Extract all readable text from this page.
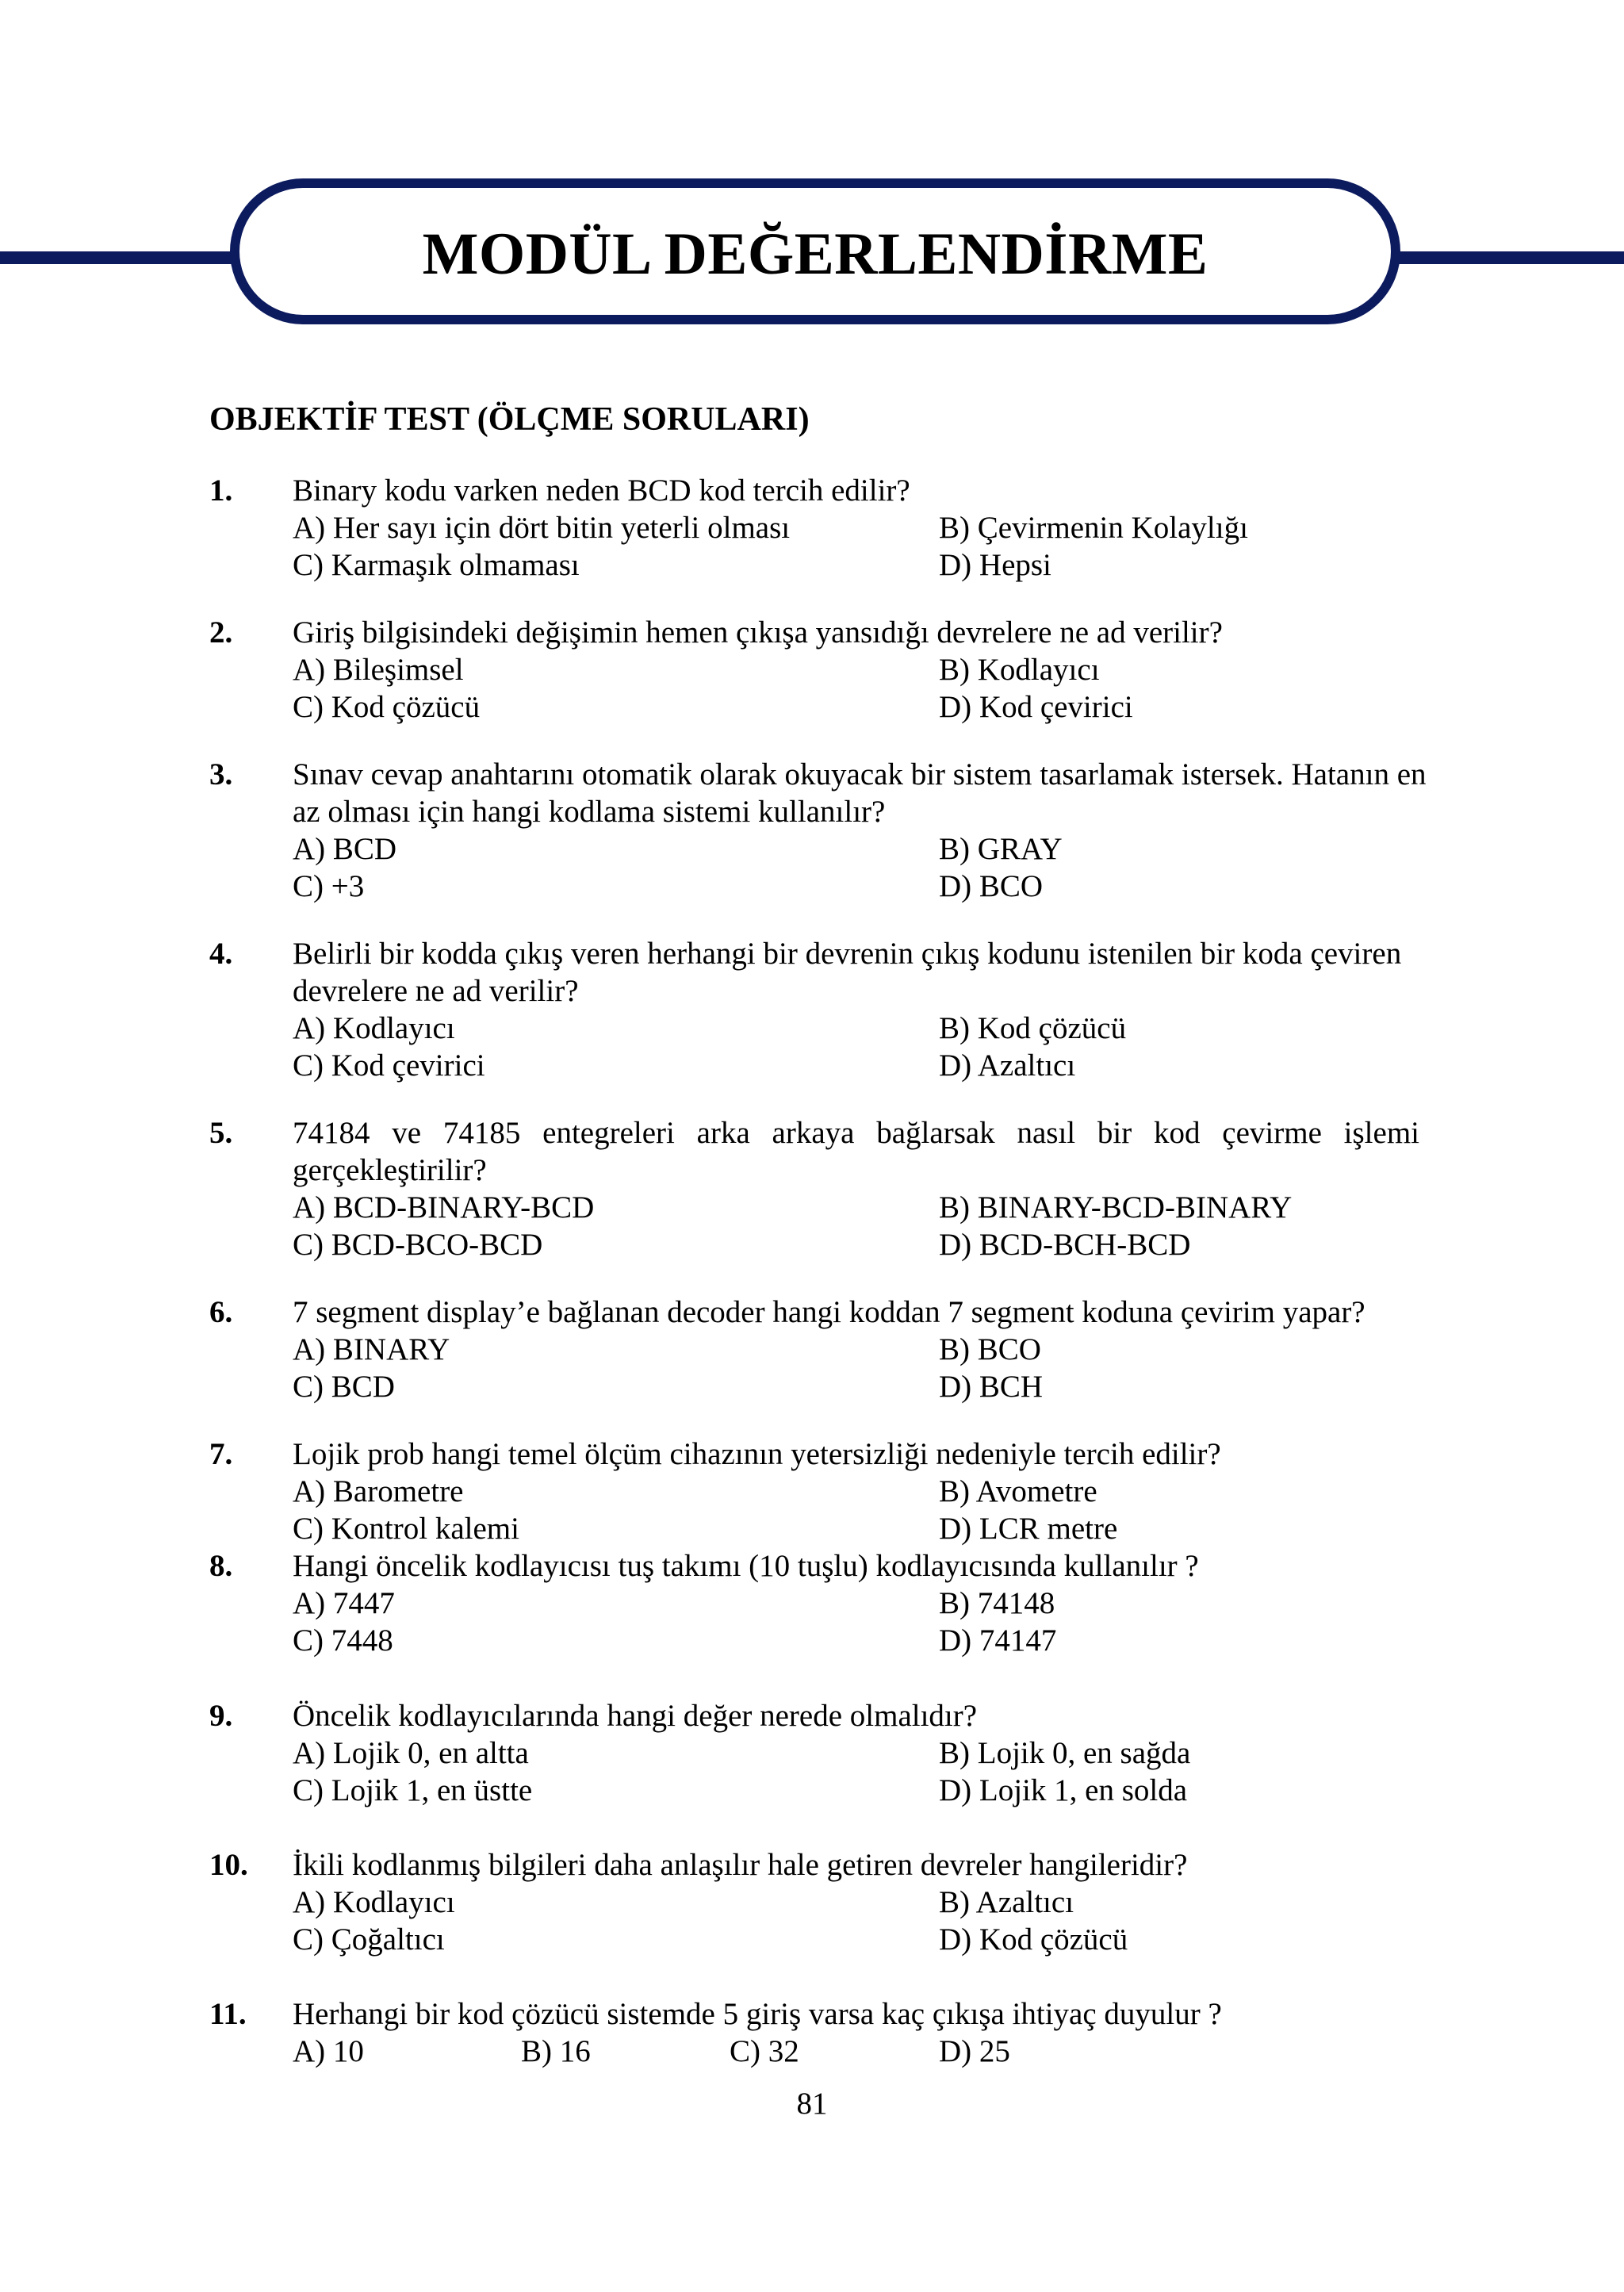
MODÜL DEĞERLENDİRME
OBJEKTİF TEST (ÖLÇME SORULARI)
1. Binary kodu varken neden BCD kod tercih edilir?
A) Her sayı için dört bitin yeterli olması	B) Çevirmenin Kolaylığı
C) Karmaşık olmaması	D) Hepsi
2. Giriş bilgisindeki değişimin hemen çıkışa yansıdığı devrelere ne ad verilir?
A) Bileşimsel	B) Kodlayıcı
C) Kod çözücü	D) Kod çevirici
3. Sınav cevap anahtarını otomatik olarak okuyacak bir sistem tasarlamak istersek. Hatanın en az olması için hangi kodlama sistemi kullanılır?
A) BCD	B) GRAY
C) +3	D) BCO
4. Belirli bir kodda çıkış veren herhangi bir devrenin çıkış kodunu istenilen bir koda çeviren devrelere ne ad verilir?
A) Kodlayıcı	B) Kod çözücü
C) Kod çevirici	D) Azaltıcı
5. 74184 ve 74185 entegreleri arka arkaya bağlarsak nasıl bir kod çevirme işlemi gerçekleştirilir?
A) BCD-BINARY-BCD	B) BINARY-BCD-BINARY
C) BCD-BCO-BCD	D) BCD-BCH-BCD
6. 7 segment display’e bağlanan decoder hangi koddan 7 segment koduna çevirim yapar?
A) BINARY	B) BCO
C) BCD	D) BCH
7. Lojik prob hangi temel ölçüm cihazının yetersizliği nedeniyle tercih edilir?
A) Barometre	B) Avometre
C) Kontrol kalemi	D) LCR metre
8. Hangi öncelik kodlayıcısı tuş takımı (10 tuşlu) kodlayıcısında kullanılır ?
A) 7447	B) 74148
C) 7448	D) 74147
9. Öncelik kodlayıcılarında hangi değer nerede olmalıdır?
A) Lojik 0, en altta	B) Lojik 0, en sağda
C) Lojik 1, en üstte	D) Lojik 1, en solda
10. İkili kodlanmış bilgileri daha anlaşılır hale getiren devreler hangileridir?
A) Kodlayıcı	B) Azaltıcı
C) Çoğaltıcı	D) Kod çözücü
11. Herhangi bir kod çözücü sistemde 5 giriş varsa kaç çıkışa ihtiyaç duyulur ?
A) 10	B) 16	C) 32	D) 25
81
